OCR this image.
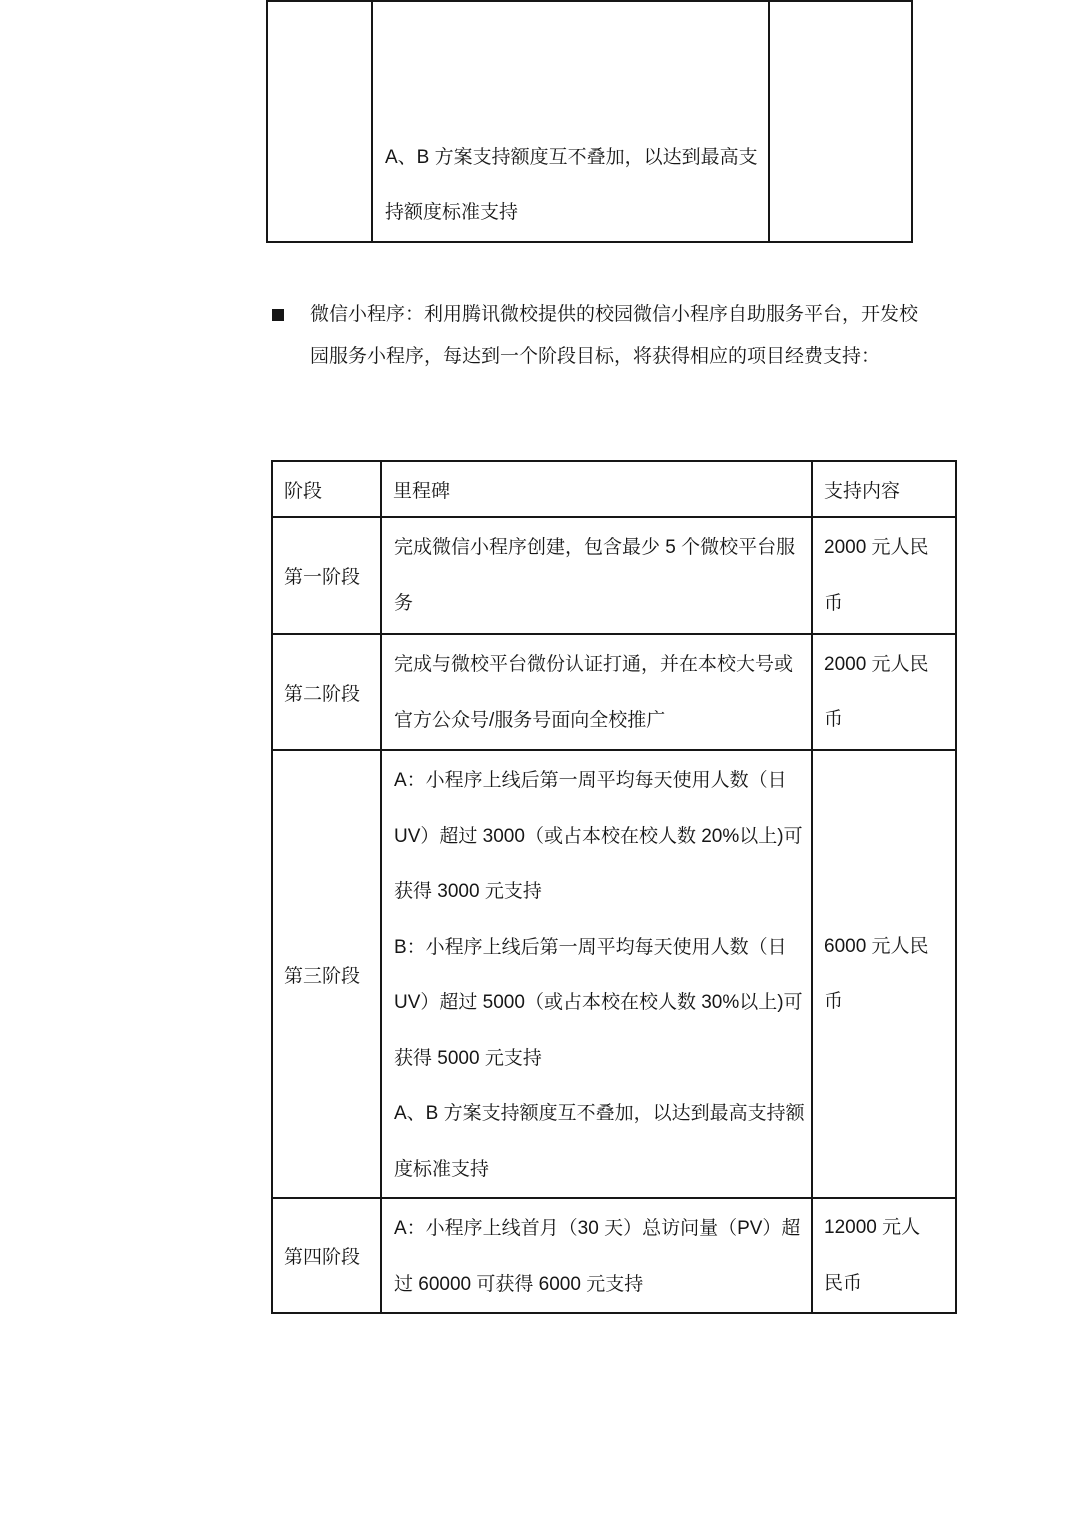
	A、B 方案支持额度互不叠加，以达到最高支持额度标准支持	
微信小程序：利用腾讯微校提供的校园微信小程序自助服务平台，开发校园服务小程序，每达到一个阶段目标，将获得相应的项目经费支持：
阶段	里程碑	支持内容
第一阶段	完成微信小程序创建，包含最少 5 个微校平台服务	2000 元人民币
第二阶段	完成与微校平台微份认证打通，并在本校大号或官方公众号/服务号面向全校推广	2000 元人民币
第三阶段	A：小程序上线后第一周平均每天使用人数（日 UV）超过 3000（或占本校在校人数 20%以上)可获得 3000 元支持

B：小程序上线后第一周平均每天使用人数（日 UV）超过 5000（或占本校在校人数 30%以上)可获得 5000 元支持

A、B 方案支持额度互不叠加，以达到最高支持额度标准支持	6000 元人民币
第四阶段	A：小程序上线首月（30 天）总访问量（PV）超过 60000 可获得 6000 元支持	12000 元人民币
